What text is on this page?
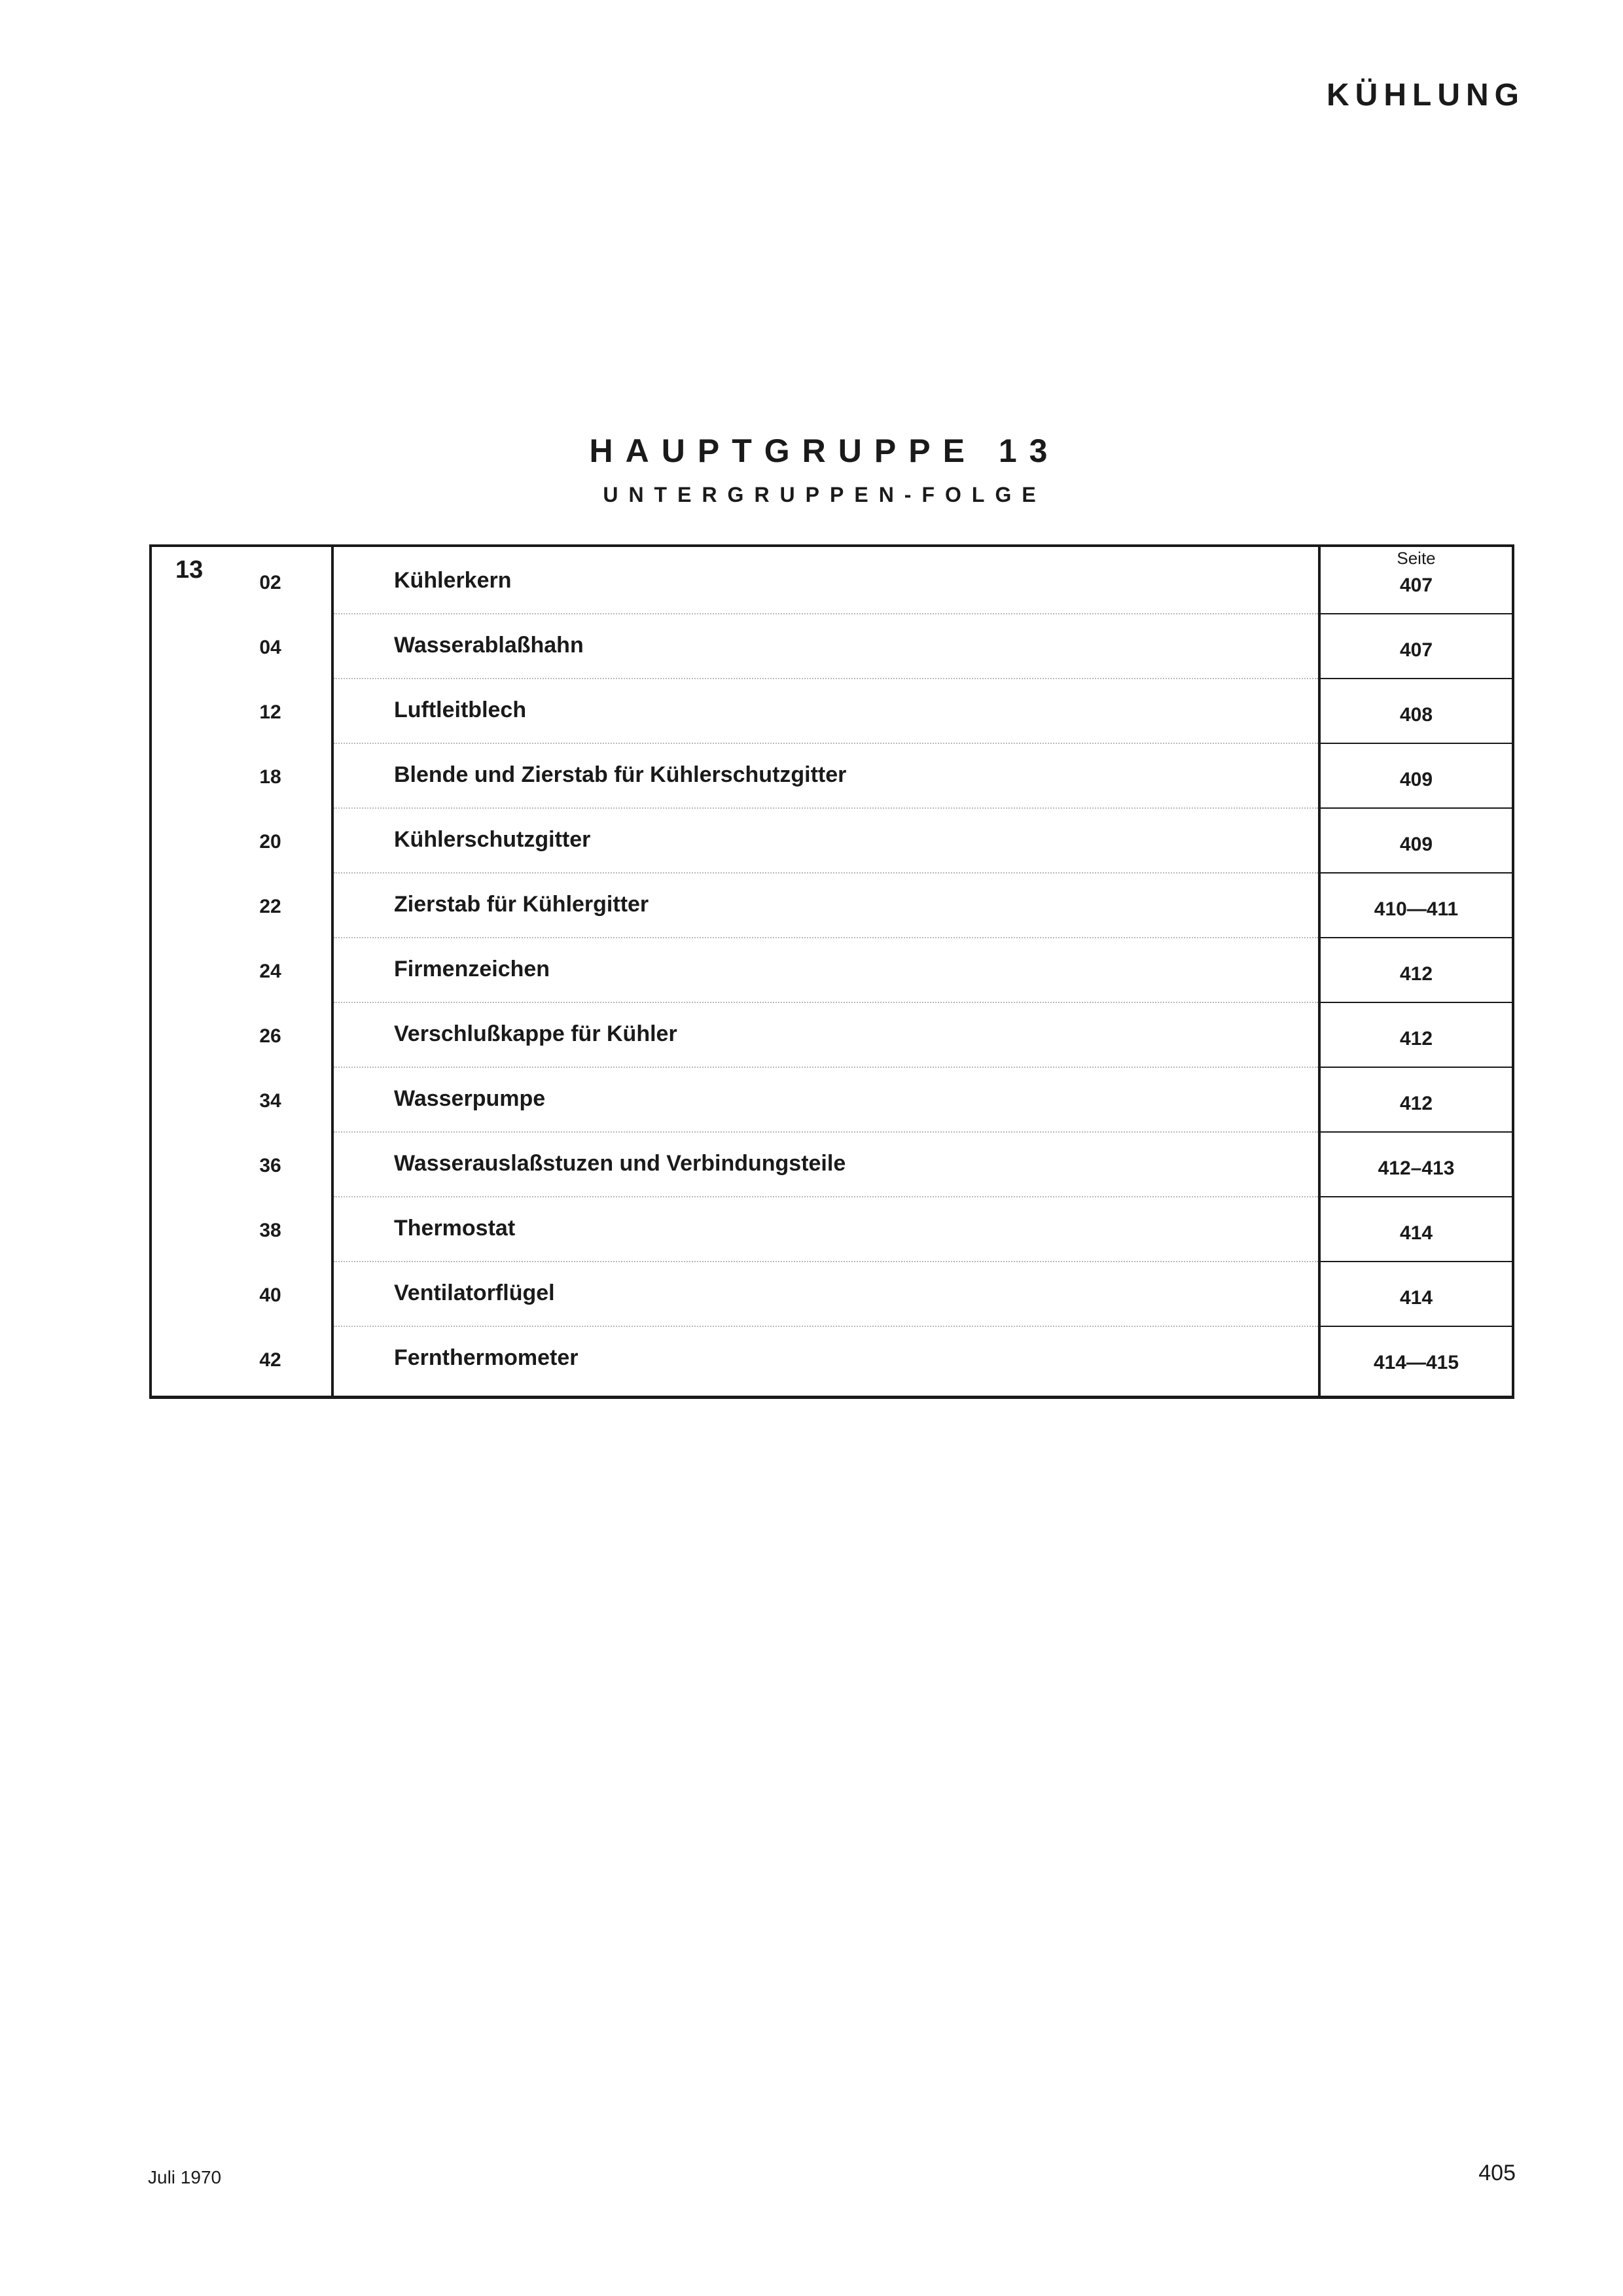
KÜHLUNG
HAUPTGRUPPE 13
UNTERGRUPPEN-FOLGE
13	Seite
02	Kühlerkern	407
04	Wasserablaßhahn	407
12	Luftleitblech	408
18	Blende und Zierstab für Kühlerschutzgitter	409
20	Kühlerschutzgitter	409
22	Zierstab für Kühlergitter	410—411
24	Firmenzeichen	412
26	Verschlußkappe für Kühler	412
34	Wasserpumpe	412
36	Wasserauslaßstuzen und Verbindungsteile	412–413
38	Thermostat	414
40	Ventilatorflügel	414
42	Fernthermometer	414—415
Juli 1970	405
